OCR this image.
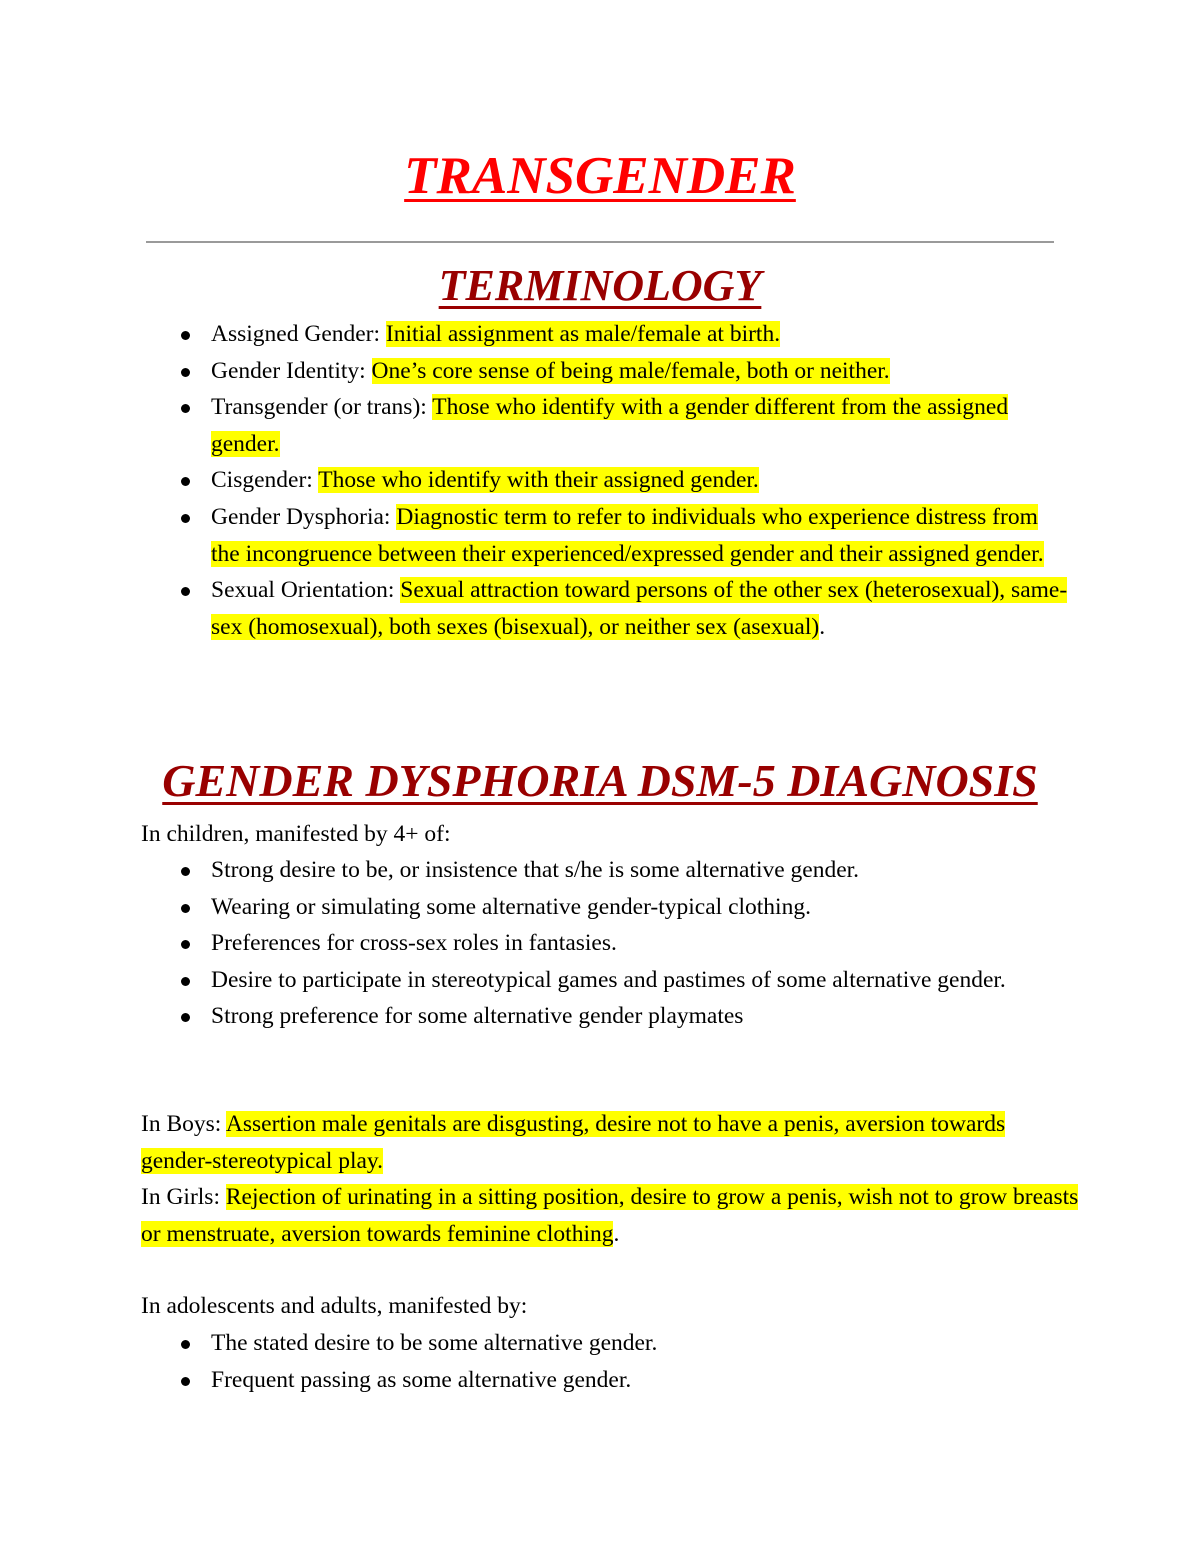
TRANSGENDER
TERMINOLOGY
Assigned Gender: Initial assignment as male/female at birth.
Gender Identity: One’s core sense of being male/female, both or neither.
Transgender (or trans): Those who identify with a gender different from the assigned gender.
Cisgender: Those who identify with their assigned gender.
Gender Dysphoria: Diagnostic term to refer to individuals who experience distress from the incongruence between their experienced/expressed gender and their assigned gender.
Sexual Orientation: Sexual attraction toward persons of the other sex (heterosexual), same-sex (homosexual), both sexes (bisexual), or neither sex (asexual).
GENDER DYSPHORIA DSM-5 DIAGNOSIS

In children, manifested by 4+ of:

Strong desire to be, or insistence that s/he is some alternative gender.
Wearing or simulating some alternative gender-typical clothing.
Preferences for cross-sex roles in fantasies.
Desire to participate in stereotypical games and pastimes of some alternative gender.
Strong preference for some alternative gender playmates

In Boys: Assertion male genitals are disgusting, desire not to have a penis, aversion towards gender-stereotypical play.

In Girls: Rejection of urinating in a sitting position, desire to grow a penis, wish not to grow breasts or menstruate, aversion towards feminine clothing.

In adolescents and adults, manifested by:

The stated desire to be some alternative gender.
Frequent passing as some alternative gender.
